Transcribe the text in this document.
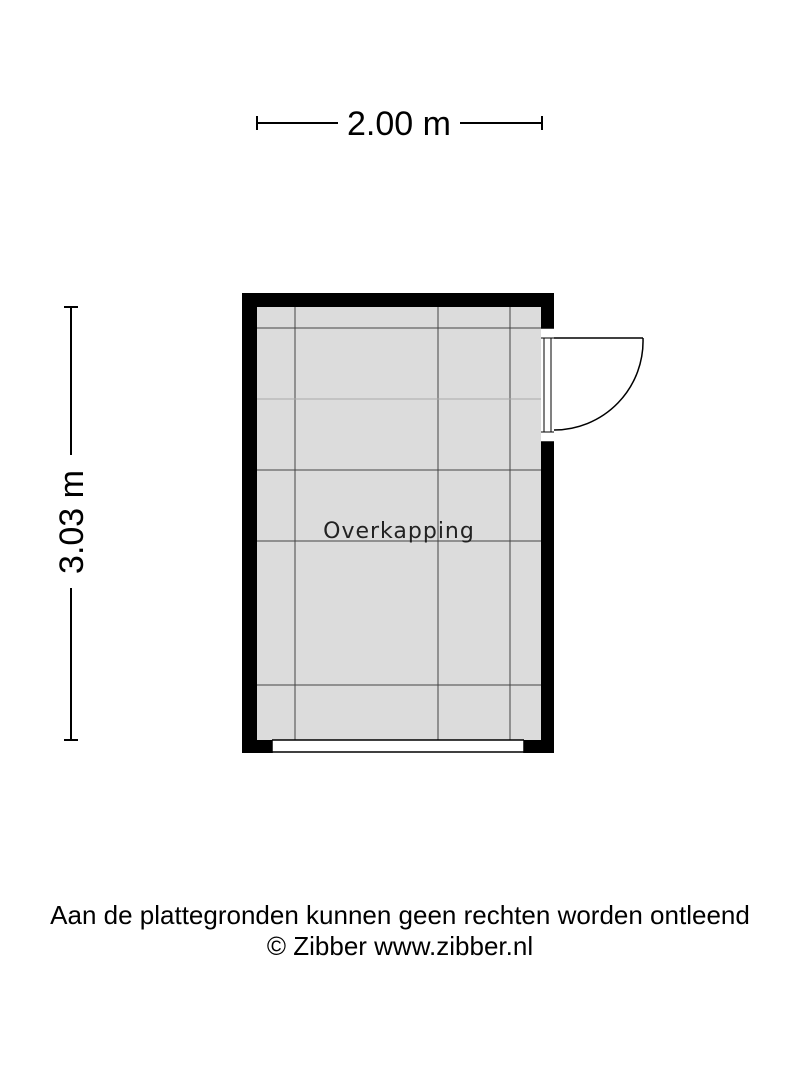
2.00 m
3.03 m	Overkapping
Aan de plattegronden kunnen geen rechten worden ontleend
© Zibber www.zibber.nl
